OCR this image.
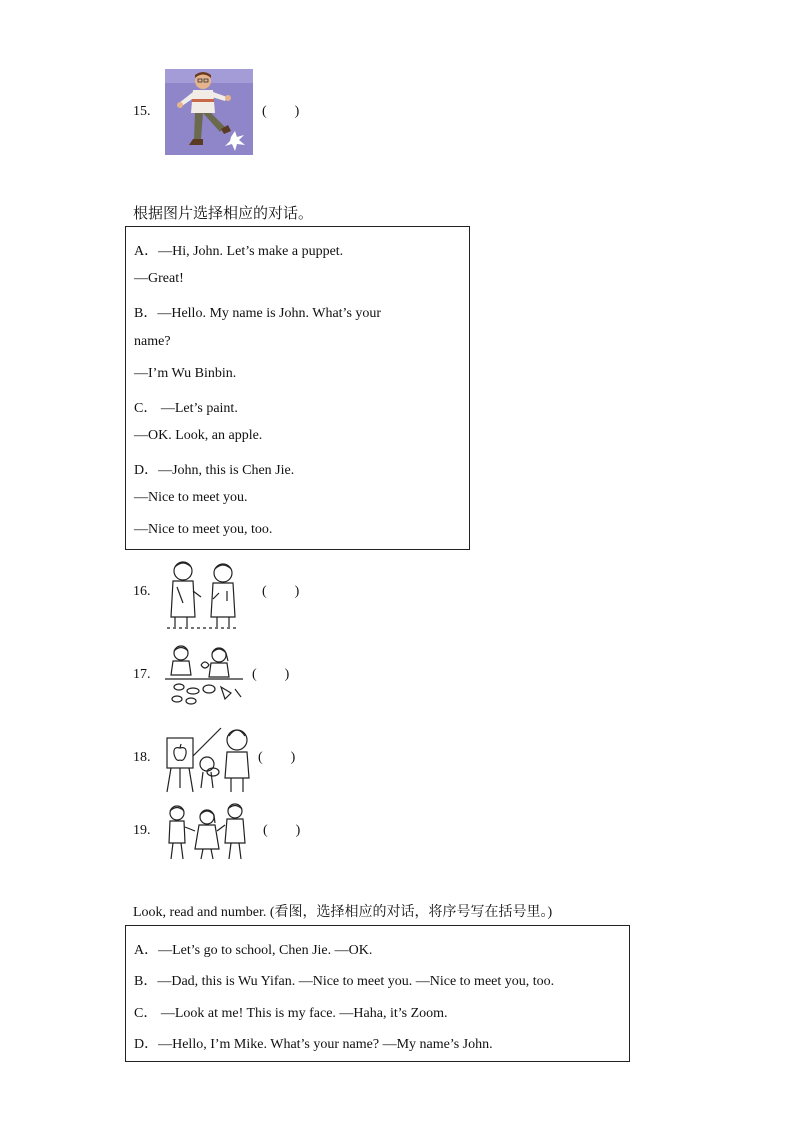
15.	(        )
根据图片选择相应的对话。
A．—Hi, John. Let’s make a puppet.
—Great!
B．—Hello. My name is John. What’s your
name?
—I’m Wu Binbin.
C． —Let’s paint.
—OK. Look, an apple.
D．—John, this is Chen Jie.
—Nice to meet you.
—Nice to meet you, too.
16.	(        )
17.	(        )
18.	(        )
19.	(        )
Look, read and number. (看图，选择相应的对话，将序号写在括号里。)
A．—Let’s go to school, Chen Jie. —OK.
B．—Dad, this is Wu Yifan. —Nice to meet you. —Nice to meet you, too.
C． —Look at me! This is my face. —Haha, it’s Zoom.
D．—Hello, I’m Mike. What’s your name? —My name’s John.
